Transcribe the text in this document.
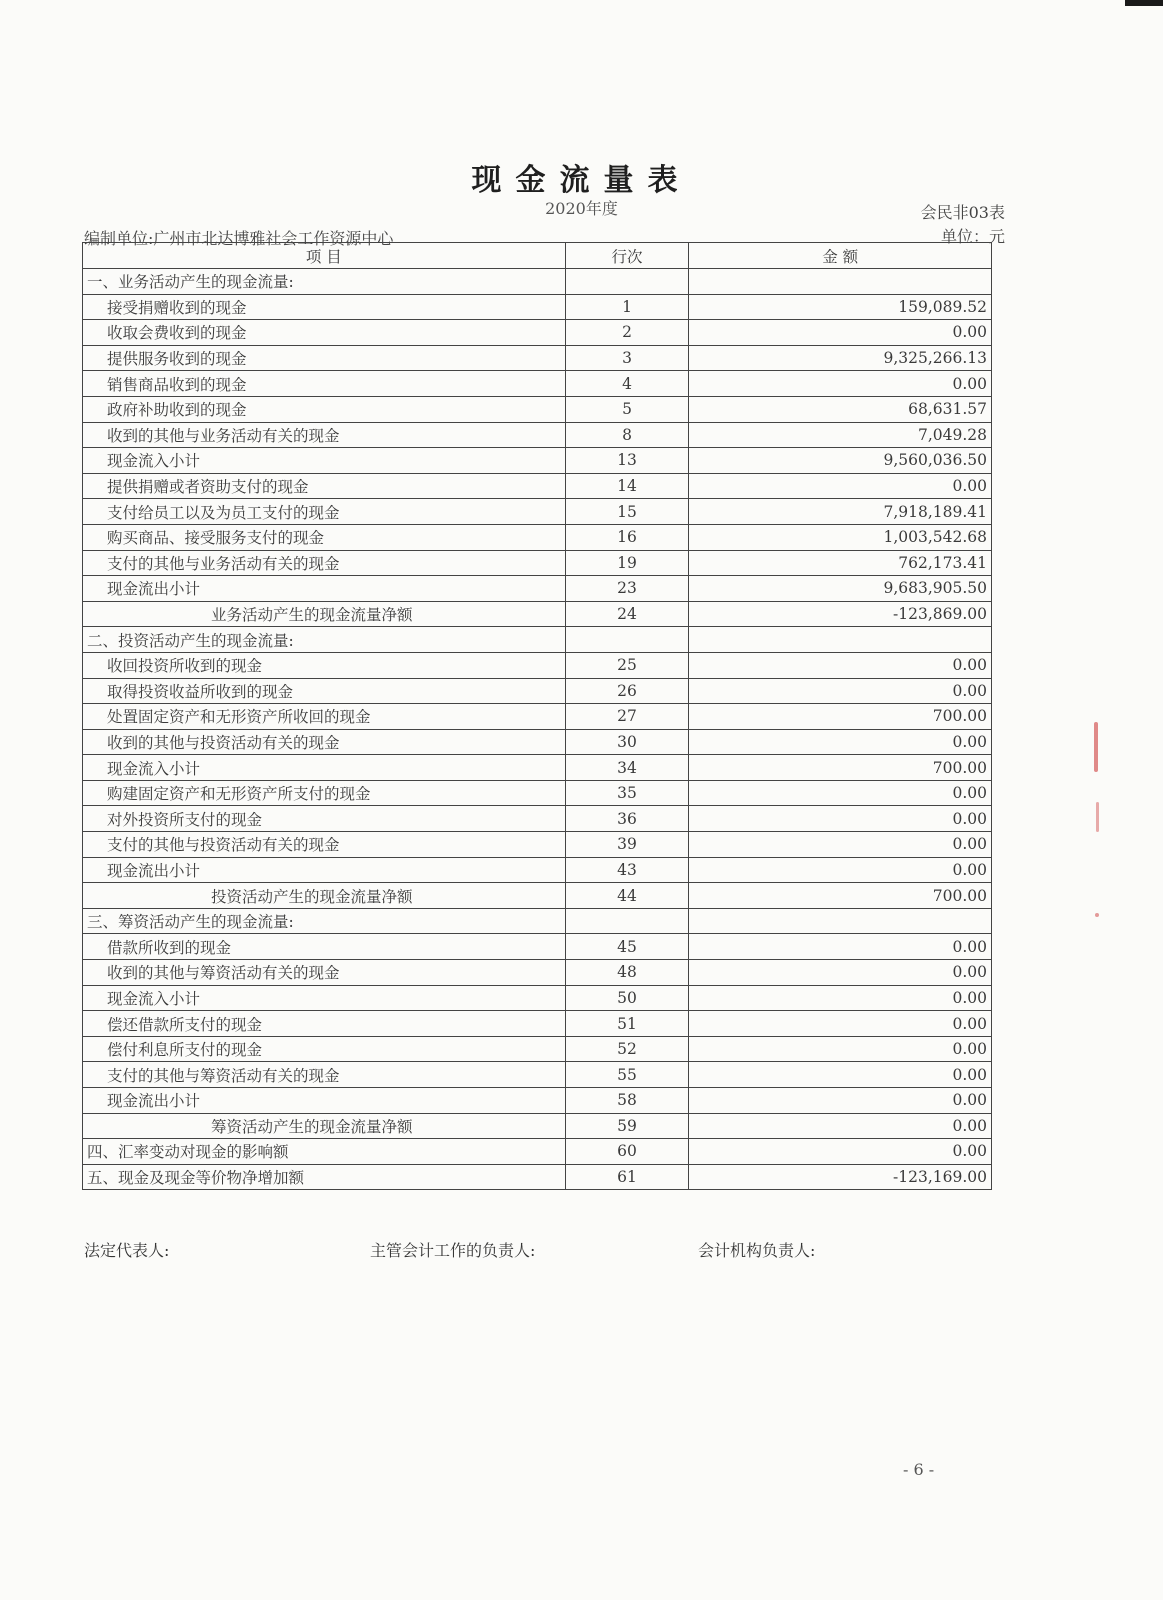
现金流量表
2020年度	会民非03表
编制单位:广州市北达博雅社会工作资源中心	单位：元
项 目	行次	金 额
一、业务活动产生的现金流量:		
接受捐赠收到的现金	1	159,089.52
收取会费收到的现金	2	0.00
提供服务收到的现金	3	9,325,266.13
销售商品收到的现金	4	0.00
政府补助收到的现金	5	68,631.57
收到的其他与业务活动有关的现金	8	7,049.28
现金流入小计	13	9,560,036.50
提供捐赠或者资助支付的现金	14	0.00
支付给员工以及为员工支付的现金	15	7,918,189.41
购买商品、接受服务支付的现金	16	1,003,542.68
支付的其他与业务活动有关的现金	19	762,173.41
现金流出小计	23	9,683,905.50
业务活动产生的现金流量净额	24	-123,869.00
二、投资活动产生的现金流量:		
收回投资所收到的现金	25	0.00
取得投资收益所收到的现金	26	0.00
处置固定资产和无形资产所收回的现金	27	700.00
收到的其他与投资活动有关的现金	30	0.00
现金流入小计	34	700.00
购建固定资产和无形资产所支付的现金	35	0.00
对外投资所支付的现金	36	0.00
支付的其他与投资活动有关的现金	39	0.00
现金流出小计	43	0.00
投资活动产生的现金流量净额	44	700.00
三、筹资活动产生的现金流量:		
借款所收到的现金	45	0.00
收到的其他与筹资活动有关的现金	48	0.00
现金流入小计	50	0.00
偿还借款所支付的现金	51	0.00
偿付利息所支付的现金	52	0.00
支付的其他与筹资活动有关的现金	55	0.00
现金流出小计	58	0.00
筹资活动产生的现金流量净额	59	0.00
四、汇率变动对现金的影响额	60	0.00
五、现金及现金等价物净增加额	61	-123,169.00
法定代表人:	主管会计工作的负责人:	会计机构负责人:
- 6 -
